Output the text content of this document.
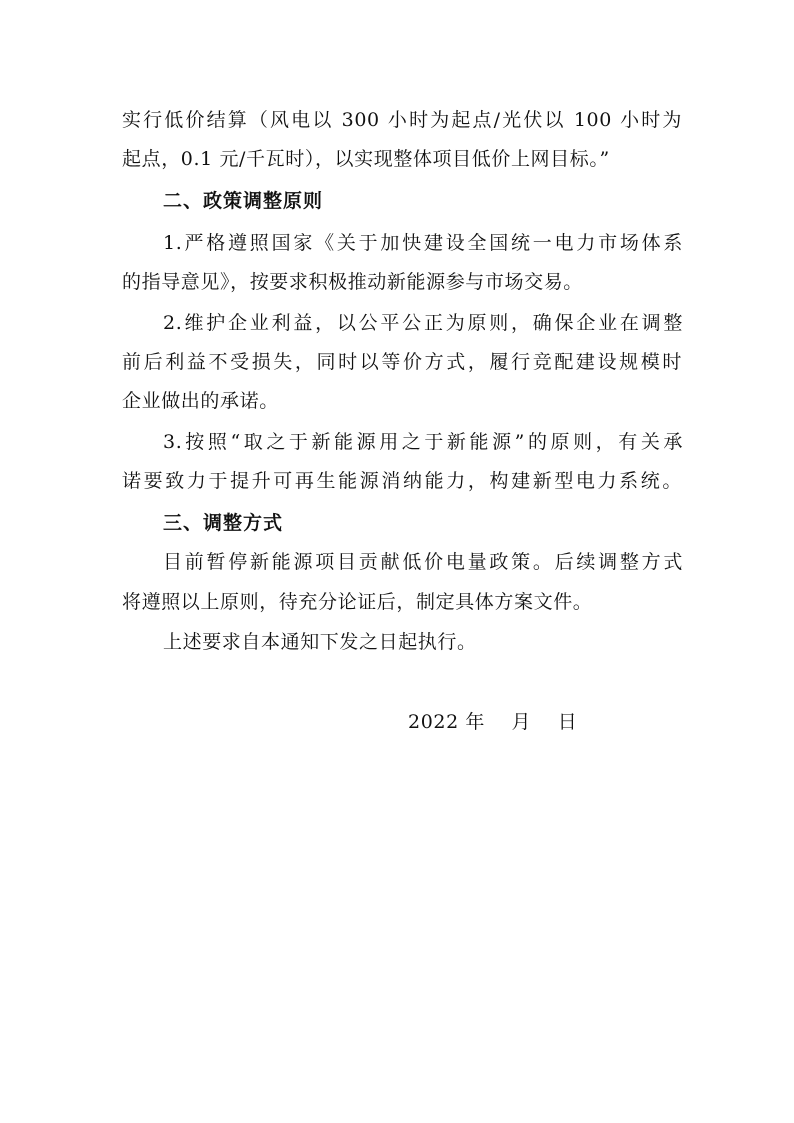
实行低价结算（风电以 300 小时为起点/光伏以 100 小时为
起点，0.1 元/千瓦时），以实现整体项目低价上网目标。”
二、政策调整原则
1.严格遵照国家《关于加快建设全国统一电力市场体系
的指导意见》，按要求积极推动新能源参与市场交易。
2.维护企业利益，以公平公正为原则，确保企业在调整
前后利益不受损失，同时以等价方式，履行竞配建设规模时
企业做出的承诺。
3.按照“取之于新能源用之于新能源”的原则，有关承
诺要致力于提升可再生能源消纳能力，构建新型电力系统。
三、调整方式
目前暂停新能源项目贡献低价电量政策。后续调整方式
将遵照以上原则，待充分论证后，制定具体方案文件。
上述要求自本通知下发之日起执行。
2022 年    月    日
